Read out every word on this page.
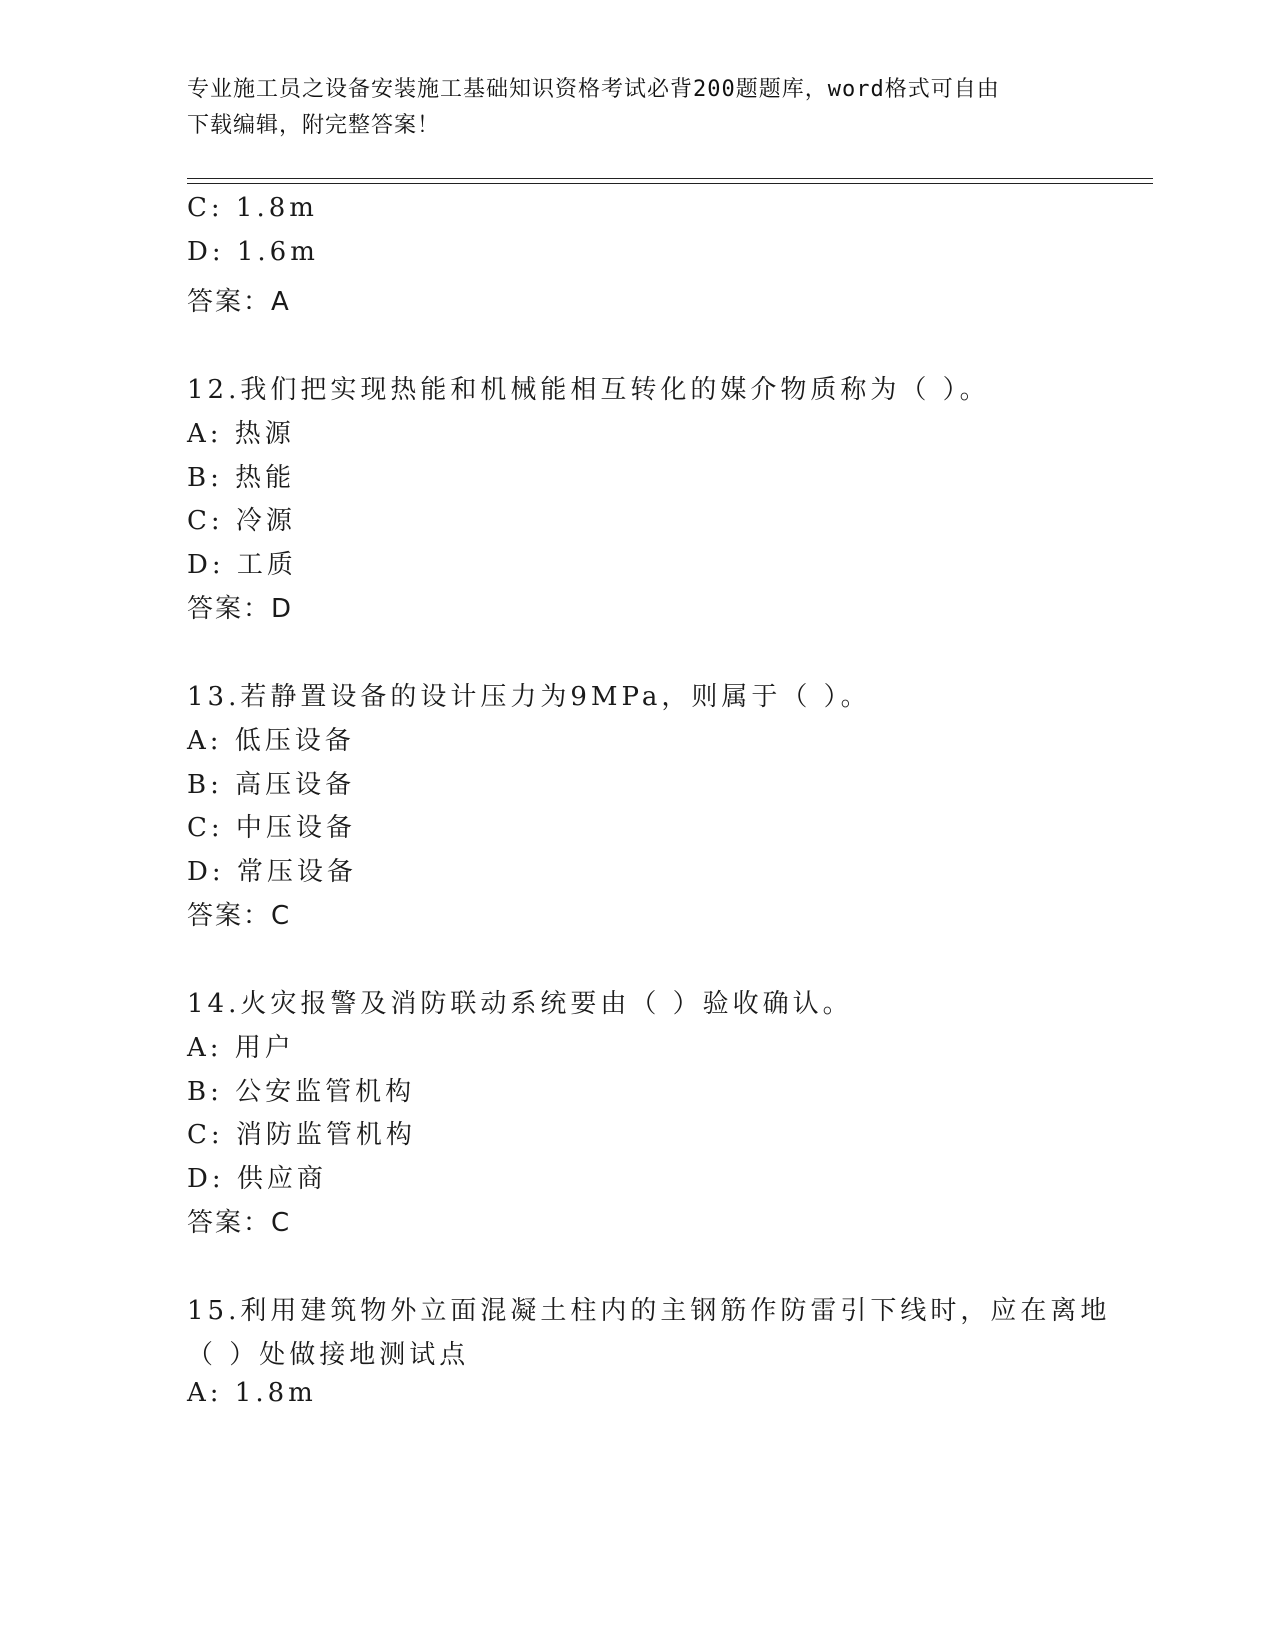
专业施工员之设备安装施工基础知识资格考试必背200题题库，word格式可自由
下载编辑，附完整答案！
C: 1.8m
D: 1.6m
答案：A
12.我们把实现热能和机械能相互转化的媒介物质称为（ ）。
A: 热源
B: 热能
C: 冷源
D: 工质
答案：D
13.若静置设备的设计压力为9MPa，则属于（ ）。
A: 低压设备
B: 高压设备
C: 中压设备
D: 常压设备
答案：C
14.火灾报警及消防联动系统要由（ ）验收确认。
A: 用户
B: 公安监管机构
C: 消防监管机构
D: 供应商
答案：C
15.利用建筑物外立面混凝土柱内的主钢筋作防雷引下线时，应在离地
（ ）处做接地测试点
A: 1.8m
